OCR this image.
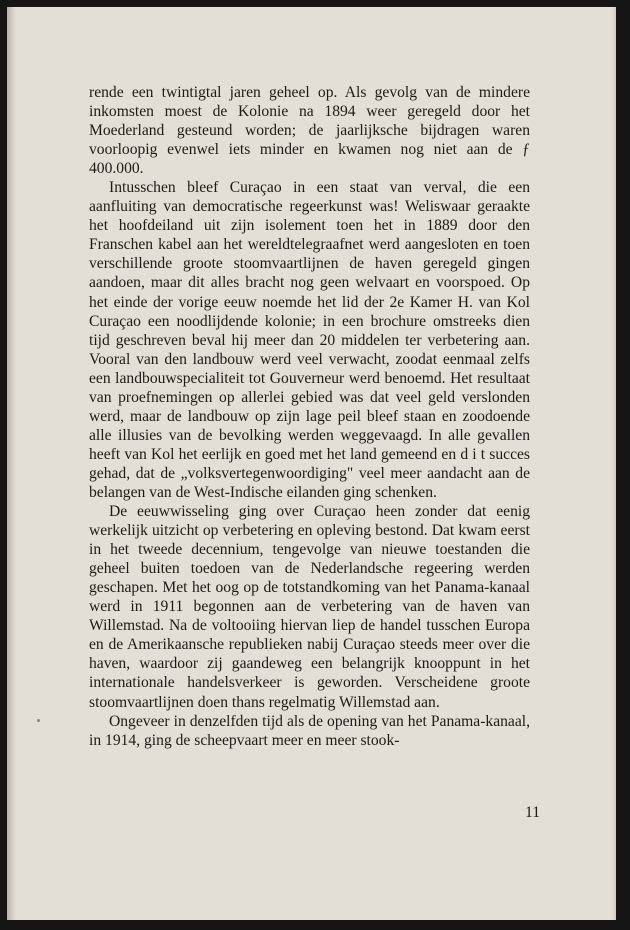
rende een twintigtal jaren geheel op. Als gevolg van de mindere inkomsten moest de Kolonie na 1894 weer geregeld door het Moederland gesteund worden; de jaarlijksche bijdragen waren voorloopig evenwel iets minder en kwamen nog niet aan de ƒ 400.000.

Intusschen bleef Curaçao in een staat van verval, die een aanfluiting van democratische regeerkunst was! Weliswaar geraakte het hoofdeiland uit zijn isolement toen het in 1889 door den Franschen kabel aan het wereldtelegraafnet werd aangesloten en toen verschillende groote stoomvaartlijnen de haven geregeld gingen aandoen, maar dit alles bracht nog geen welvaart en voorspoed. Op het einde der vorige eeuw noemde het lid der 2e Kamer H. van Kol Curaçao een noodlijdende kolonie; in een brochure omstreeks dien tijd geschreven beval hij meer dan 20 middelen ter verbetering aan. Vooral van den landbouw werd veel verwacht, zoodat eenmaal zelfs een landbouwspecialiteit tot Gouverneur werd benoemd. Het resultaat van proefnemingen op allerlei gebied was dat veel geld verslonden werd, maar de landbouw op zijn lage peil bleef staan en zoodoende alle illusies van de bevolking werden weggevaagd. In alle gevallen heeft van Kol het eerlijk en goed met het land gemeend en d i t succes gehad, dat de „volksvertegenwoordiging" veel meer aandacht aan de belangen van de West-Indische eilanden ging schenken.

De eeuwwisseling ging over Curaçao heen zonder dat eenig werkelijk uitzicht op verbetering en opleving bestond. Dat kwam eerst in het tweede decennium, tengevolge van nieuwe toestanden die geheel buiten toedoen van de Nederlandsche regeering werden geschapen. Met het oog op de totstandkoming van het Panama-kanaal werd in 1911 begonnen aan de verbetering van de haven van Willemstad. Na de voltooiing hiervan liep de handel tusschen Europa en de Amerikaansche republieken nabij Curaçao steeds meer over die haven, waardoor zij gaandeweg een belangrijk knooppunt in het internationale handelsverkeer is geworden. Verscheidene groote stoomvaartlijnen doen thans regelmatig Willemstad aan.

Ongeveer in denzelfden tijd als de opening van het Panama-kanaal, in 1914, ging de scheepvaart meer en meer stook-

11
